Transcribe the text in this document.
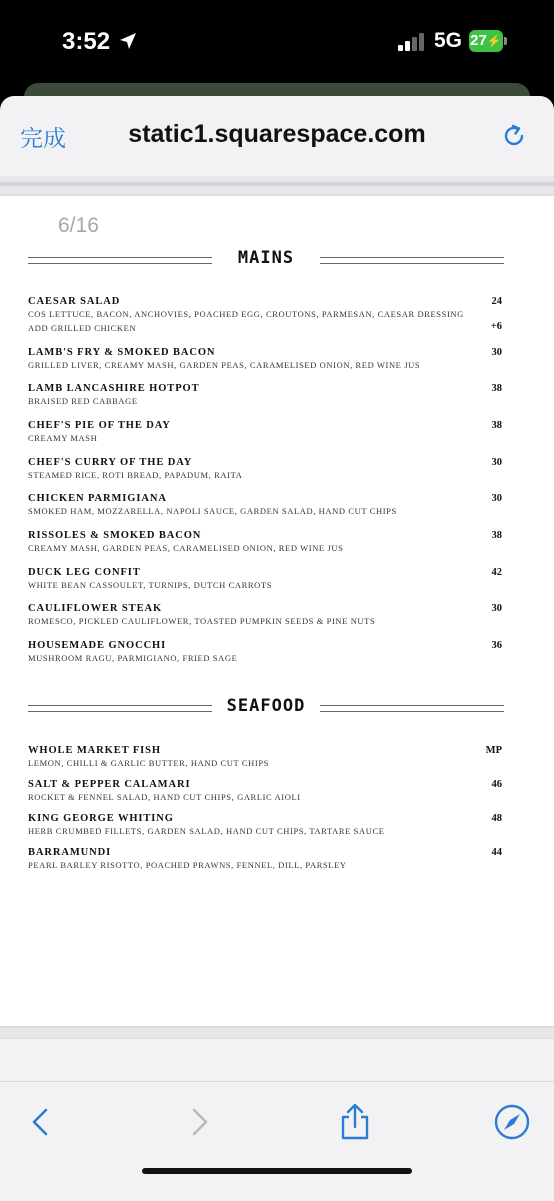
3:52	5G 27⚡
完成	static1.squarespace.com
6/16
MAINS
CAESAR SALAD
COS LETTUCE, BACON, ANCHOVIES, POACHED EGG, CROUTONS, PARMESAN, CAESAR DRESSING
24
ADD GRILLED CHICKEN	+6
LAMB'S FRY & SMOKED BACON
GRILLED LIVER, CREAMY MASH, GARDEN PEAS, CARAMELISED ONION, RED WINE JUS
30
LAMB LANCASHIRE HOTPOT
BRAISED RED CABBAGE
38
CHEF'S PIE OF THE DAY
CREAMY MASH
38
CHEF'S CURRY OF THE DAY
STEAMED RICE, ROTI BREAD, PAPADUM, RAITA
30
CHICKEN PARMIGIANA
SMOKED HAM, MOZZARELLA, NAPOLI SAUCE, GARDEN SALAD, HAND CUT CHIPS
30
RISSOLES & SMOKED BACON
CREAMY MASH, GARDEN PEAS, CARAMELISED ONION, RED WINE JUS
38
DUCK LEG CONFIT
WHITE BEAN CASSOULET, TURNIPS, DUTCH CARROTS
42
CAULIFLOWER STEAK
ROMESCO, PICKLED CAULIFLOWER, TOASTED PUMPKIN SEEDS & PINE NUTS
30
HOUSEMADE GNOCCHI
MUSHROOM RAGU, PARMIGIANO, FRIED SAGE
36
SEAFOOD
WHOLE MARKET FISH
LEMON, CHILLI & GARLIC BUTTER, HAND CUT CHIPS
MP
SALT & PEPPER CALAMARI
ROCKET & FENNEL SALAD, HAND CUT CHIPS, GARLIC AIOLI
46
KING GEORGE WHITING
HERB CRUMBED FILLETS, GARDEN SALAD, HAND CUT CHIPS, TARTARE SAUCE
48
BARRAMUNDI
PEARL BARLEY RISOTTO, POACHED PRAWNS, FENNEL, DILL, PARSLEY
44
